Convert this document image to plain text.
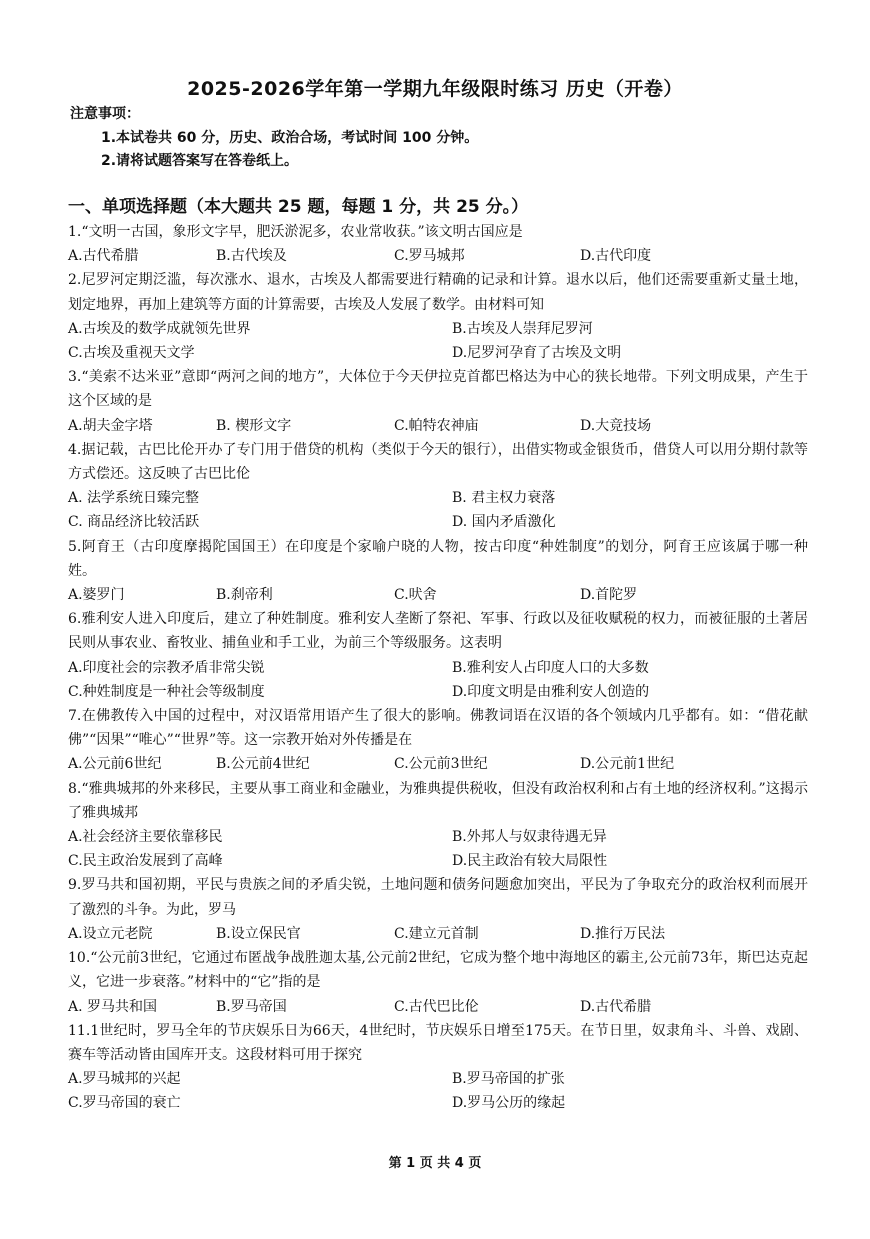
2025-2026学年第一学期九年级限时练习 历史（开卷）
注意事项：
1.本试卷共 60 分，历史、政治合场，考试时间 100 分钟。
2.请将试题答案写在答卷纸上。
一、单项选择题（本大题共 25 题，每题 1 分，共 25 分。）

1.“文明一古国，象形文字早，肥沃淤泥多，农业常收获。”该文明古国应是

A.古代希腊	B.古代埃及	C.罗马城邦	D.古代印度

2.尼罗河定期泛滥，每次涨水、退水，古埃及人都需要进行精确的记录和计算。退水以后，他们还需要重新丈量土地，划定地界，再加上建筑等方面的计算需要，古埃及人发展了数学。由材料可知

A.古埃及的数学成就领先世界	B.古埃及人崇拜尼罗河
C.古埃及重视天文学	D.尼罗河孕育了古埃及文明

3.“美索不达米亚”意即“两河之间的地方”，大体位于今天伊拉克首都巴格达为中心的狭长地带。下列文明成果，产生于这个区域的是

A.胡夫金字塔	B. 楔形文字	C.帕特农神庙	D.大竞技场

4.据记载，古巴比伦开办了专门用于借贷的机构（类似于今天的银行），出借实物或金银货币，借贷人可以用分期付款等方式偿还。这反映了古巴比伦

A. 法学系统日臻完整	B. 君主权力衰落
C. 商品经济比较活跃	D. 国内矛盾激化

5.阿育王（古印度摩揭陀国国王）在印度是个家喻户晓的人物，按古印度“种姓制度”的划分，阿育王应该属于哪一种姓。

A.婆罗门	B.刹帝利	C.吠舍	D.首陀罗

6.雅利安人进入印度后，建立了种姓制度。雅利安人垄断了祭祀、军事、行政以及征收赋税的权力，而被征服的土著居民则从事农业、畜牧业、捕鱼业和手工业，为前三个等级服务。这表明

A.印度社会的宗教矛盾非常尖锐	B.雅利安人占印度人口的大多数
C.种姓制度是一种社会等级制度	D.印度文明是由雅利安人创造的

7.在佛教传入中国的过程中，对汉语常用语产生了很大的影响。佛教词语在汉语的各个领域内几乎都有。如：“借花献佛”“因果”“唯心”“世界”等。这一宗教开始对外传播是在

A.公元前6世纪	B.公元前4世纪	C.公元前3世纪	D.公元前1世纪

8.“雅典城邦的外来移民，主要从事工商业和金融业，为雅典提供税收，但没有政治权利和占有土地的经济权利。”这揭示了雅典城邦

A.社会经济主要依靠移民	B.外邦人与奴隶待遇无异
C.民主政治发展到了高峰	D.民主政治有较大局限性

9.罗马共和国初期，平民与贵族之间的矛盾尖锐，土地问题和债务问题愈加突出，平民为了争取充分的政治权利而展开了激烈的斗争。为此，罗马

A.设立元老院	B.设立保民官	C.建立元首制	D.推行万民法

10.“公元前3世纪，它通过布匿战争战胜迦太基,公元前2世纪，它成为整个地中海地区的霸主,公元前73年，斯巴达克起义，它进一步衰落。”材料中的“它”指的是

A. 罗马共和国	B.罗马帝国	C.古代巴比伦	D.古代希腊

11.1世纪时，罗马全年的节庆娱乐日为66天，4世纪时，节庆娱乐日增至175天。在节日里，奴隶角斗、斗兽、戏剧、赛车等活动皆由国库开支。这段材料可用于探究

A.罗马城邦的兴起	B.罗马帝国的扩张
C.罗马帝国的衰亡	D.罗马公历的缘起
第 1 页 共 4 页
